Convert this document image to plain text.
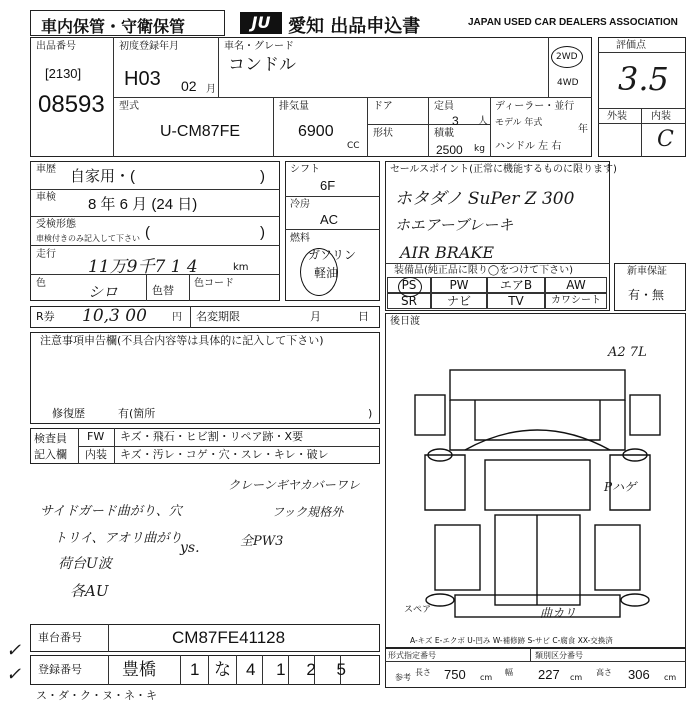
車内保管・守衛保管	JU 愛知 出品申込書	JAPAN USED CAR DEALERS ASSOCIATION
出品番号
[2130]
08593
初度登録年月
H03 02 月
車名・グレード
コンドル	2WD
4WD
型式
U-CM87FE
排気量
6900
CC
ドア
形状
定員
3 人
積載
2500 kg
ディーラー・並行
モデル 年式
年
ハンドル 左 右
評価点
3.5
外装 内装
C
車歴 自家用・(	)
車検 8 年 6 月 (24 日)
受検形態
車検付きのみ記入して下さい (	)
走行
11万9千7 1 4	km
色	シロ	色替
色コード
シフト
6F
冷房
AC
燃料
ガソリン
軽油
R券 10,3 00	円 名変期限	月	日
セールスポイント(正常に機能するものに限ります)
ホタダノ SuPer Z 300
ホエアーブレーキ
AIR BRAKE
装備品(純正品に限り◯をつけて下さい)
PS	PW	エアB	AW
SR	ナビ	TV	カワシート
新車保証
有・無
後日渡
A2 7L
Pハゲ
曲カリ
スペア
A-キズ E-エクボ U-凹み W-補修跡 S-サビ C-腐食 XX-交換済
形式指定番号	類別区分番号
参考
長さ 750 cm
幅 227 cm
高さ 306 cm
注意事項申告欄(不具合内容等は具体的に記入して下さい)
修復歴	有(箇所	)
検査員
記入欄
FW キズ・飛石・ヒビ割・リペア跡・X要
内装 キズ・汚レ・コゲ・穴・スレ・キレ・破レ
サイドガード曲がり、穴
トリイ、アオリ曲がり
荷台U波
各AU
ys.
クレーンギヤカバーワレ
フック規格外
全PW3
車台番号	CM87FE41128
登録番号 豊橋 1 な 4 1 2 5
✓
✓
ス・ダ・ク・ヌ・ネ・キ
